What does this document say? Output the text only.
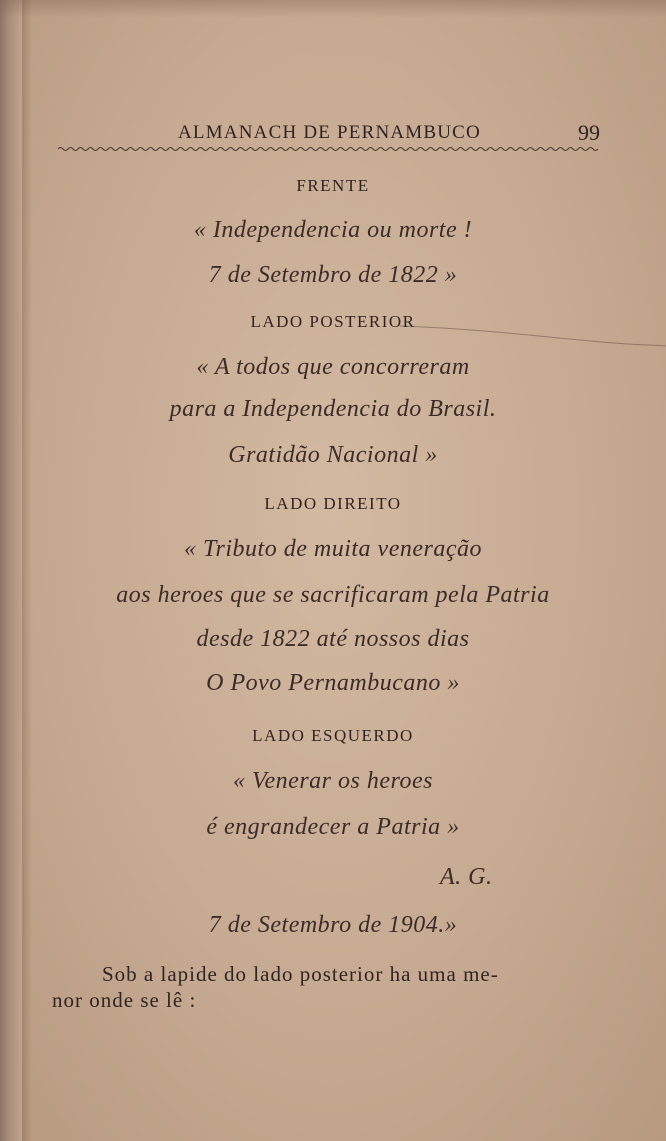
ALMANACH DE PERNAMBUCO	99
FRENTE
« Independencia ou morte !
7 de Setembro de 1822 »
LADO POSTERIOR
« A todos que concorreram
para a Independencia do Brasil.
Gratidão Nacional »
LADO DIREITO
« Tributo de muita veneração
aos heroes que se sacrificaram pela Patria
desde 1822 até nossos dias
O Povo Pernambucano »
LADO ESQUERDO
« Venerar os heroes
é engrandecer a Patria »
A. G.
7 de Setembro de 1904.»
Sob a lapide do lado posterior ha uma me-
nor onde se lê :
